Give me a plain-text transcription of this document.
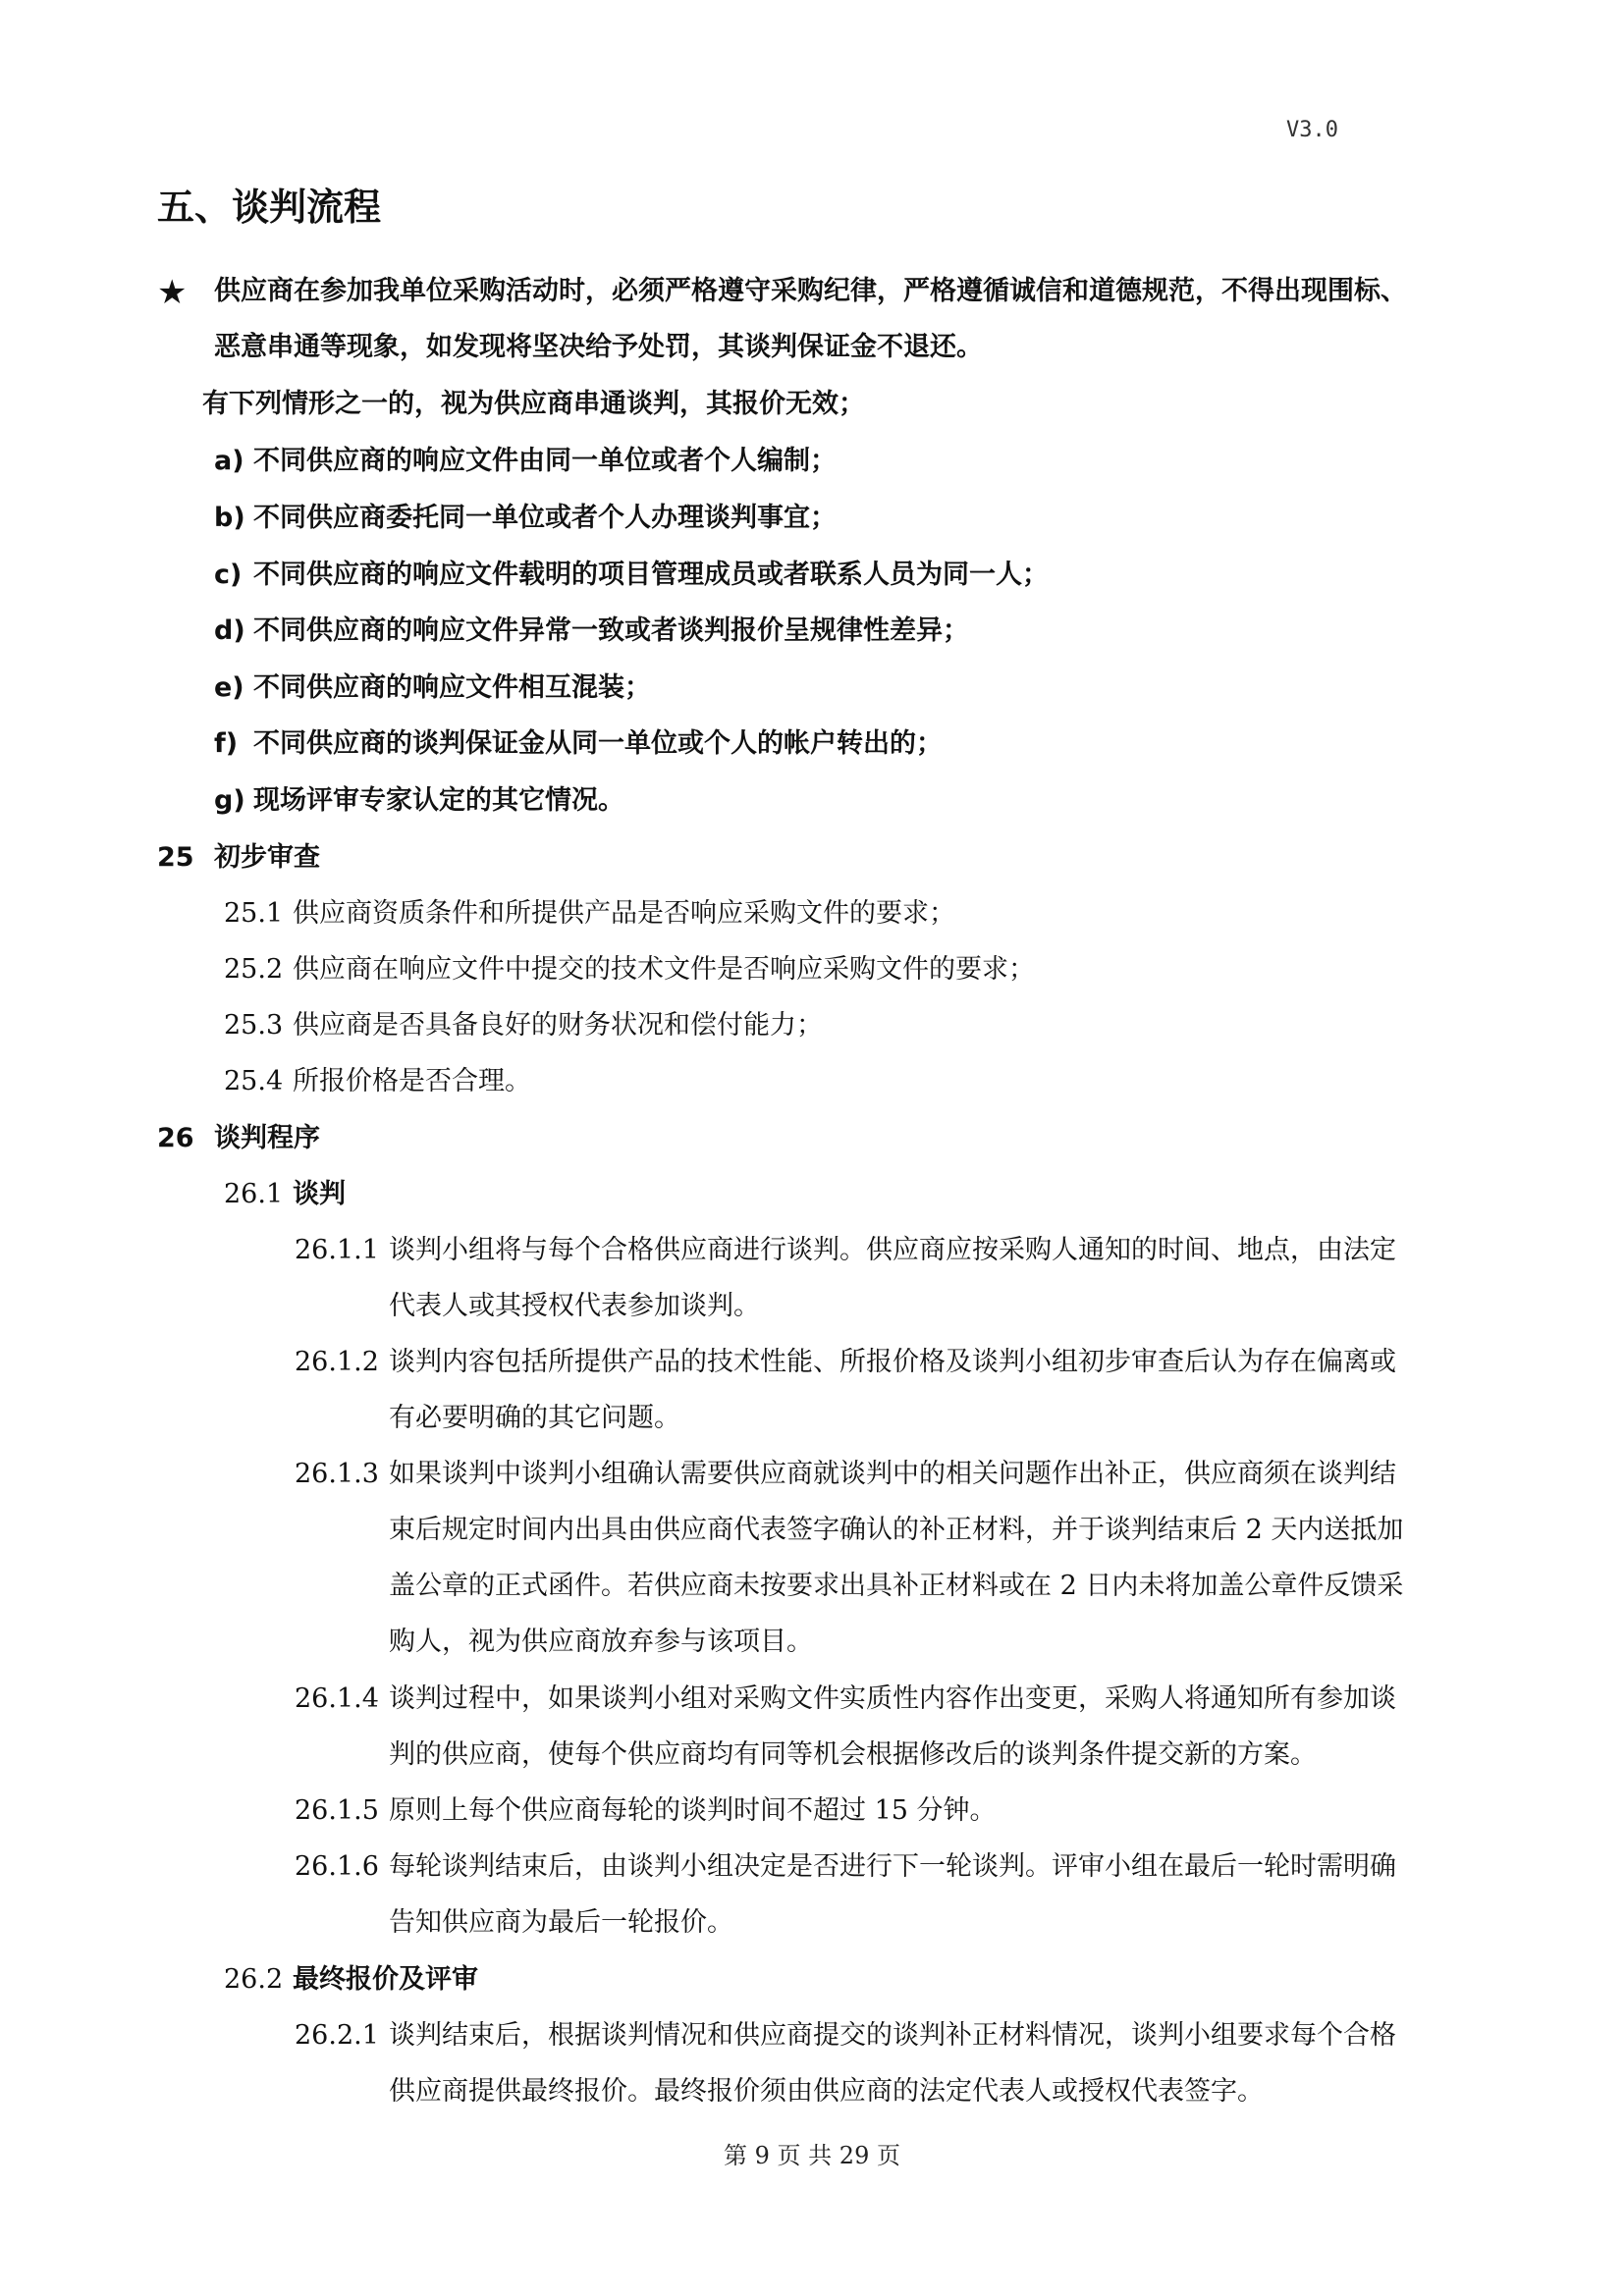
V3.0
五、谈判流程
★ 供应商在参加我单位采购活动时，必须严格遵守采购纪律，严格遵循诚信和道德规范，不得出现围标、
恶意串通等现象，如发现将坚决给予处罚，其谈判保证金不退还。
有下列情形之一的，视为供应商串通谈判，其报价无效；
a) 不同供应商的响应文件由同一单位或者个人编制；
b) 不同供应商委托同一单位或者个人办理谈判事宜；
c) 不同供应商的响应文件载明的项目管理成员或者联系人员为同一人；
d) 不同供应商的响应文件异常一致或者谈判报价呈规律性差异；
e) 不同供应商的响应文件相互混装；
f) 不同供应商的谈判保证金从同一单位或个人的帐户转出的；
g) 现场评审专家认定的其它情况。
25 初步审查
25.1 供应商资质条件和所提供产品是否响应采购文件的要求；
25.2 供应商在响应文件中提交的技术文件是否响应采购文件的要求；
25.3 供应商是否具备良好的财务状况和偿付能力；
25.4 所报价格是否合理。
26 谈判程序
26.1 谈判
26.1.1 谈判小组将与每个合格供应商进行谈判。供应商应按采购人通知的时间、地点，由法定
代表人或其授权代表参加谈判。
26.1.2 谈判内容包括所提供产品的技术性能、所报价格及谈判小组初步审查后认为存在偏离或
有必要明确的其它问题。
26.1.3 如果谈判中谈判小组确认需要供应商就谈判中的相关问题作出补正，供应商须在谈判结
束后规定时间内出具由供应商代表签字确认的补正材料，并于谈判结束后 2 天内送抵加
盖公章的正式函件。若供应商未按要求出具补正材料或在 2 日内未将加盖公章件反馈采
购人，视为供应商放弃参与该项目。
26.1.4 谈判过程中，如果谈判小组对采购文件实质性内容作出变更，采购人将通知所有参加谈
判的供应商，使每个供应商均有同等机会根据修改后的谈判条件提交新的方案。
26.1.5 原则上每个供应商每轮的谈判时间不超过 15 分钟。
26.1.6 每轮谈判结束后，由谈判小组决定是否进行下一轮谈判。评审小组在最后一轮时需明确
告知供应商为最后一轮报价。
26.2 最终报价及评审
26.2.1 谈判结束后，根据谈判情况和供应商提交的谈判补正材料情况，谈判小组要求每个合格
供应商提供最终报价。最终报价须由供应商的法定代表人或授权代表签字。
第 9 页 共 29 页
